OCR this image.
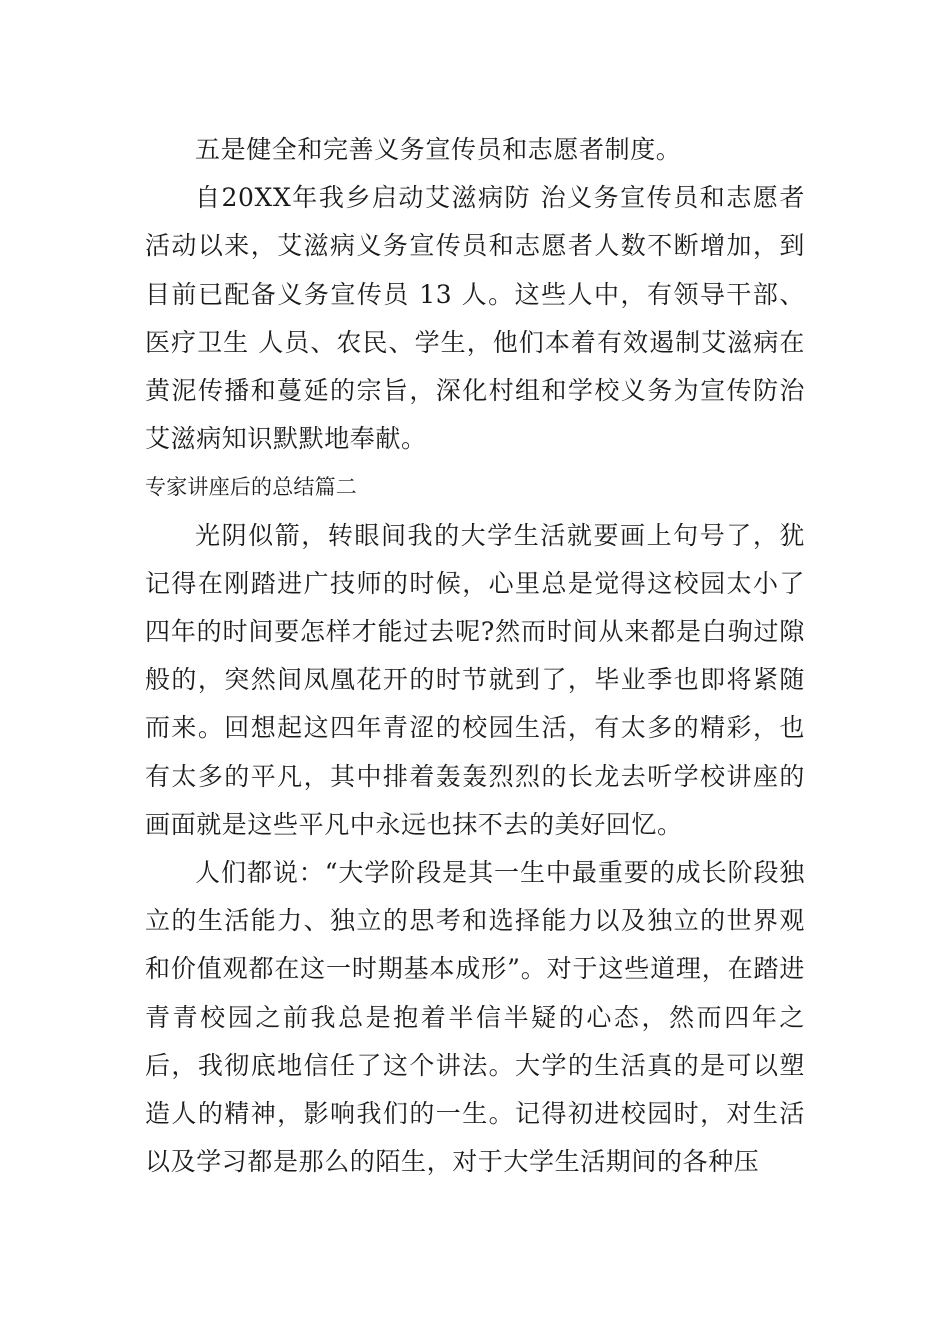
五是健全和完善义务宣传员和志愿者制度。

自20XX年我乡启动艾滋病防 治义务宣传员和志愿者活动以来，艾滋病义务宣传员和志愿者人数不断增加，到目前已配备义务宣传员 13 人。这些人中，有领导干部、医疗卫生 人员、农民、学生，他们本着有效遏制艾滋病在黄泥传播和蔓延的宗旨，深化村组和学校义务为宣传防治艾滋病知识默默地奉献。

专家讲座后的总结篇二

光阴似箭，转眼间我的大学生活就要画上句号了，犹记得在刚踏进广技师的时候，心里总是觉得这校园太小了四年的时间要怎样才能过去呢?然而时间从来都是白驹过隙般的，突然间凤凰花开的时节就到了，毕业季也即将紧随而来。回想起这四年青涩的校园生活，有太多的精彩，也有太多的平凡，其中排着轰轰烈烈的长龙去听学校讲座的画面就是这些平凡中永远也抹不去的美好回忆。

人们都说：“大学阶段是其一生中最重要的成长阶段独立的生活能力、独立的思考和选择能力以及独立的世界观和价值观都在这一时期基本成形”。对于这些道理，在踏进青青校园之前我总是抱着半信半疑的心态，然而四年之后，我彻底地信任了这个讲法。大学的生活真的是可以塑造人的精神，影响我们的一生。记得初进校园时，对生活以及学习都是那么的陌生，对于大学生活期间的各种压
